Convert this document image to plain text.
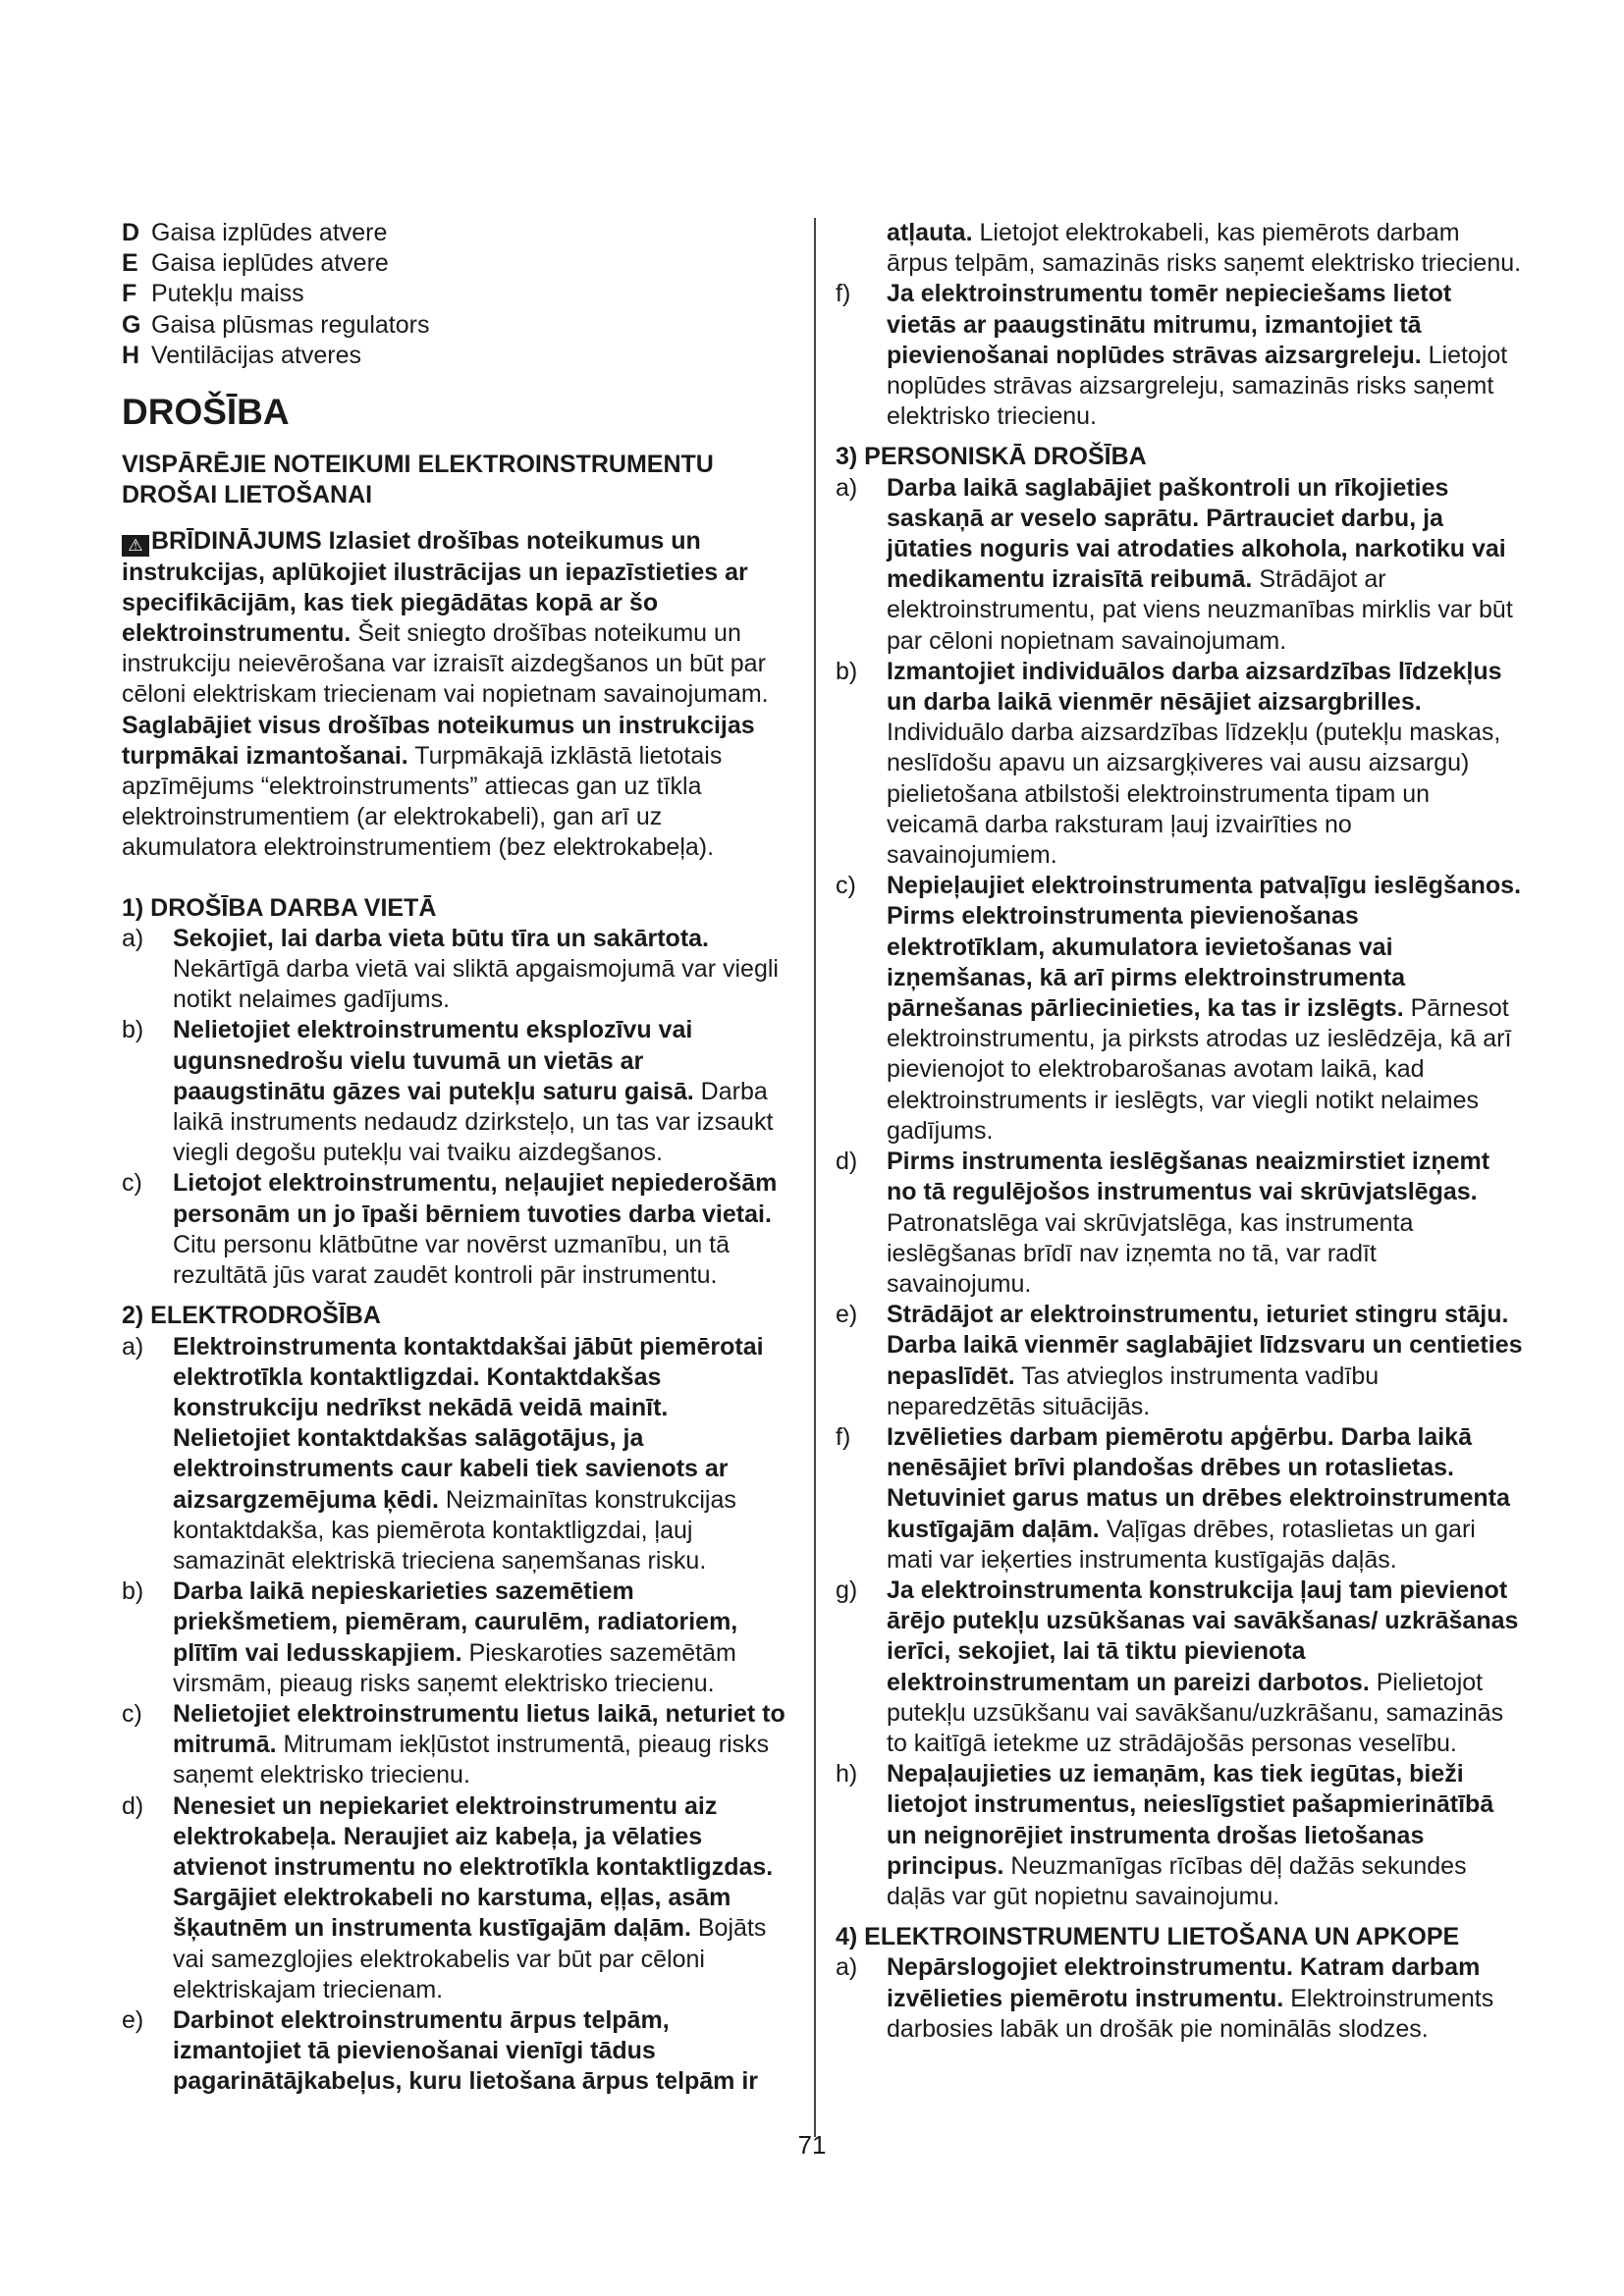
D Gaisa izplūdes atvere
E Gaisa ieplūdes atvere
F Putekļu maiss
G Gaisa plūsmas regulators
H Ventilācijas atveres
DROŠĪBA
VISPĀRĒJIE NOTEIKUMI ELEKTROINSTRUMENTU DROŠAI LIETOŠANAI
⚠ BRĪDINĀJUMS Izlasiet drošības noteikumus un instrukcijas, aplūkojiet ilustrācijas un iepazīstieties ar specifikācijām, kas tiek piegādātas kopā ar šo elektroinstrumentu. Šeit sniegto drošības noteikumu un instrukciju neievērošana var izraisīt aizdegšanos un būt par cēloni elektriskam triecienam vai nopietnam savainojumam. Saglabājiet visus drošības noteikumus un instrukcijas turpmākai izmantošanai. Turpmākajā izklāstā lietotais apzīmējums “elektroinstruments” attiecas gan uz tīkla elektroinstrumentiem (ar elektrokabeli), gan arī uz akumulatora elektroinstrumentiem (bez elektrokabeļa).
1) DROŠĪBA DARBA VIETĀ
a)	Sekojiet, lai darba vieta būtu tīra un sakārtota. Nekārtīgā darba vietā vai sliktā apgaismojumā var viegli notikt nelaimes gadījums.
b)	Nelietojiet elektroinstrumentu eksplozīvu vai ugunsnedrošu vielu tuvumā un vietās ar paaugstinātu gāzes vai putekļu saturu gaisā. Darba laikā instruments nedaudz dzirksteļo, un tas var izsaukt viegli degošu putekļu vai tvaiku aizdegšanos.
c)	Lietojot elektroinstrumentu, neļaujiet nepiederošām personām un jo īpaši bērniem tuvoties darba vietai. Citu personu klātbūtne var novērst uzmanību, un tā rezultātā jūs varat zaudēt kontroli pār instrumentu.
2) ELEKTRODROŠĪBA
a)	Elektroinstrumenta kontaktdakšai jābūt piemērotai elektrotīkla kontaktligzdai. Kontaktdakšas konstrukciju nedrīkst nekādā veidā mainīt. Nelietojiet kontaktdakšas salāgotājus, ja elektroinstruments caur kabeli tiek savienots ar aizsargzemējuma ķēdi. Neizmainītas konstrukcijas kontaktdakša, kas piemērota kontaktligzdai, ļauj samazināt elektriskā trieciena saņemšanas risku.
b)	Darba laikā nepieskarieties sazemētiem priekšmetiem, piemēram, caurulēm, radiatoriem, plītīm vai ledusskapjiem. Pieskaroties sazemētām virsmām, pieaug risks saņemt elektrisko triecienu.
c)	Nelietojiet elektroinstrumentu lietus laikā, neturiet to mitrumā. Mitrumam iekļūstot instrumentā, pieaug risks saņemt elektrisko triecienu.
d)	Nenesiet un nepiekariet elektroinstrumentu aiz elektrokabeļa. Neraujiet aiz kabeļa, ja vēlaties atvienot instrumentu no elektrotīkla kontaktligzdas. Sargājiet elektrokabeli no karstuma, eļļas, asām šķautnēm un instrumenta kustīgajām daļām. Bojāts vai samezglojies elektrokabelis var būt par cēloni elektriskajam triecienam.
e)	Darbinot elektroinstrumentu ārpus telpām, izmantojiet tā pievienošanai vienīgi tādus pagarinātājkabeļus, kuru lietošana ārpus telpām ir
atļauta. Lietojot elektrokabeli, kas piemērots darbam ārpus telpām, samazinās risks saņemt elektrisko triecienu.
f)	Ja elektroinstrumentu tomēr nepieciešams lietot vietās ar paaugstinātu mitrumu, izmantojiet tā pievienošanai noplūdes strāvas aizsargreleju. Lietojot noplūdes strāvas aizsargreleju, samazinās risks saņemt elektrisko triecienu.
3) PERSONISKĀ DROŠĪBA
a)	Darba laikā saglabājiet paškontroli un rīkojieties saskaņā ar veselo saprātu. Pārtrauciet darbu, ja jūtaties noguris vai atrodaties alkohola, narkotiku vai medikamentu izraisītā reibumā. Strādājot ar elektroinstrumentu, pat viens neuzmanības mirklis var būt par cēloni nopietnam savainojumam.
b)	Izmantojiet individuālos darba aizsardzības līdzekļus un darba laikā vienmēr nēsājiet aizsargbrilles. Individuālo darba aizsardzības līdzekļu (putekļu maskas, neslīdošu apavu un aizsargķiveres vai ausu aizsargu) pielietošana atbilstoši elektroinstrumenta tipam un veicamā darba raksturam ļauj izvairīties no savainojumiem.
c)	Nepieļaujiet elektroinstrumenta patvaļīgu ieslēgšanos. Pirms elektroinstrumenta pievienošanas elektrotīklam, akumulatora ievietošanas vai izņemšanas, kā arī pirms elektroinstrumenta pārnešanas pārliecinieties, ka tas ir izslēgts. Pārnesot elektroinstrumentu, ja pirksts atrodas uz ieslēdzēja, kā arī pievienojot to elektrobarošanas avotam laikā, kad elektroinstruments ir ieslēgts, var viegli notikt nelaimes gadījums.
d)	Pirms instrumenta ieslēgšanas neaizmirstiet izņemt no tā regulējošos instrumentus vai skrūvjatslēgas. Patronatslēga vai skrūvjatslēga, kas instrumenta ieslēgšanas brīdī nav izņemta no tā, var radīt savainojumu.
e)	Strādājot ar elektroinstrumentu, ieturiet stingru stāju. Darba laikā vienmēr saglabājiet līdzsvaru un centieties nepaslīdēt. Tas atvieglos instrumenta vadību neparedzētās situācijās.
f)	Izvēlieties darbam piemērotu apģērbu. Darba laikā nenēsājiet brīvi plandošas drēbes un rotaslietas. Netuviniet garus matus un drēbes elektroinstrumenta kustīgajām daļām. Vaļīgas drēbes, rotaslietas un gari mati var ieķerties instrumenta kustīgajās daļās.
g)	Ja elektroinstrumenta konstrukcija ļauj tam pievienot ārējo putekļu uzsūkšanas vai savākšanas/ uzkrāšanas ierīci, sekojiet, lai tā tiktu pievienota elektroinstrumentam un pareizi darbotos. Pielietojot putekļu uzsūkšanu vai savākšanu/uzkrāšanu, samazinās to kaitīgā ietekme uz strādājošās personas veselību.
h)	Nepaļaujieties uz iemaņām, kas tiek iegūtas, bieži lietojot instrumentus, neieslīgstiet pašapmierinātībā un neignorējiet instrumenta drošas lietošanas principus. Neuzmanīgas rīcības dēļ dažās sekundes daļās var gūt nopietnu savainojumu.
4) ELEKTROINSTRUMENTU LIETOŠANA UN APKOPE
a)	Nepārslogojiet elektroinstrumentu. Katram darbam izvēlieties piemērotu instrumentu. Elektroinstruments darbosies labāk un drošāk pie nominālās slodzes.
71
